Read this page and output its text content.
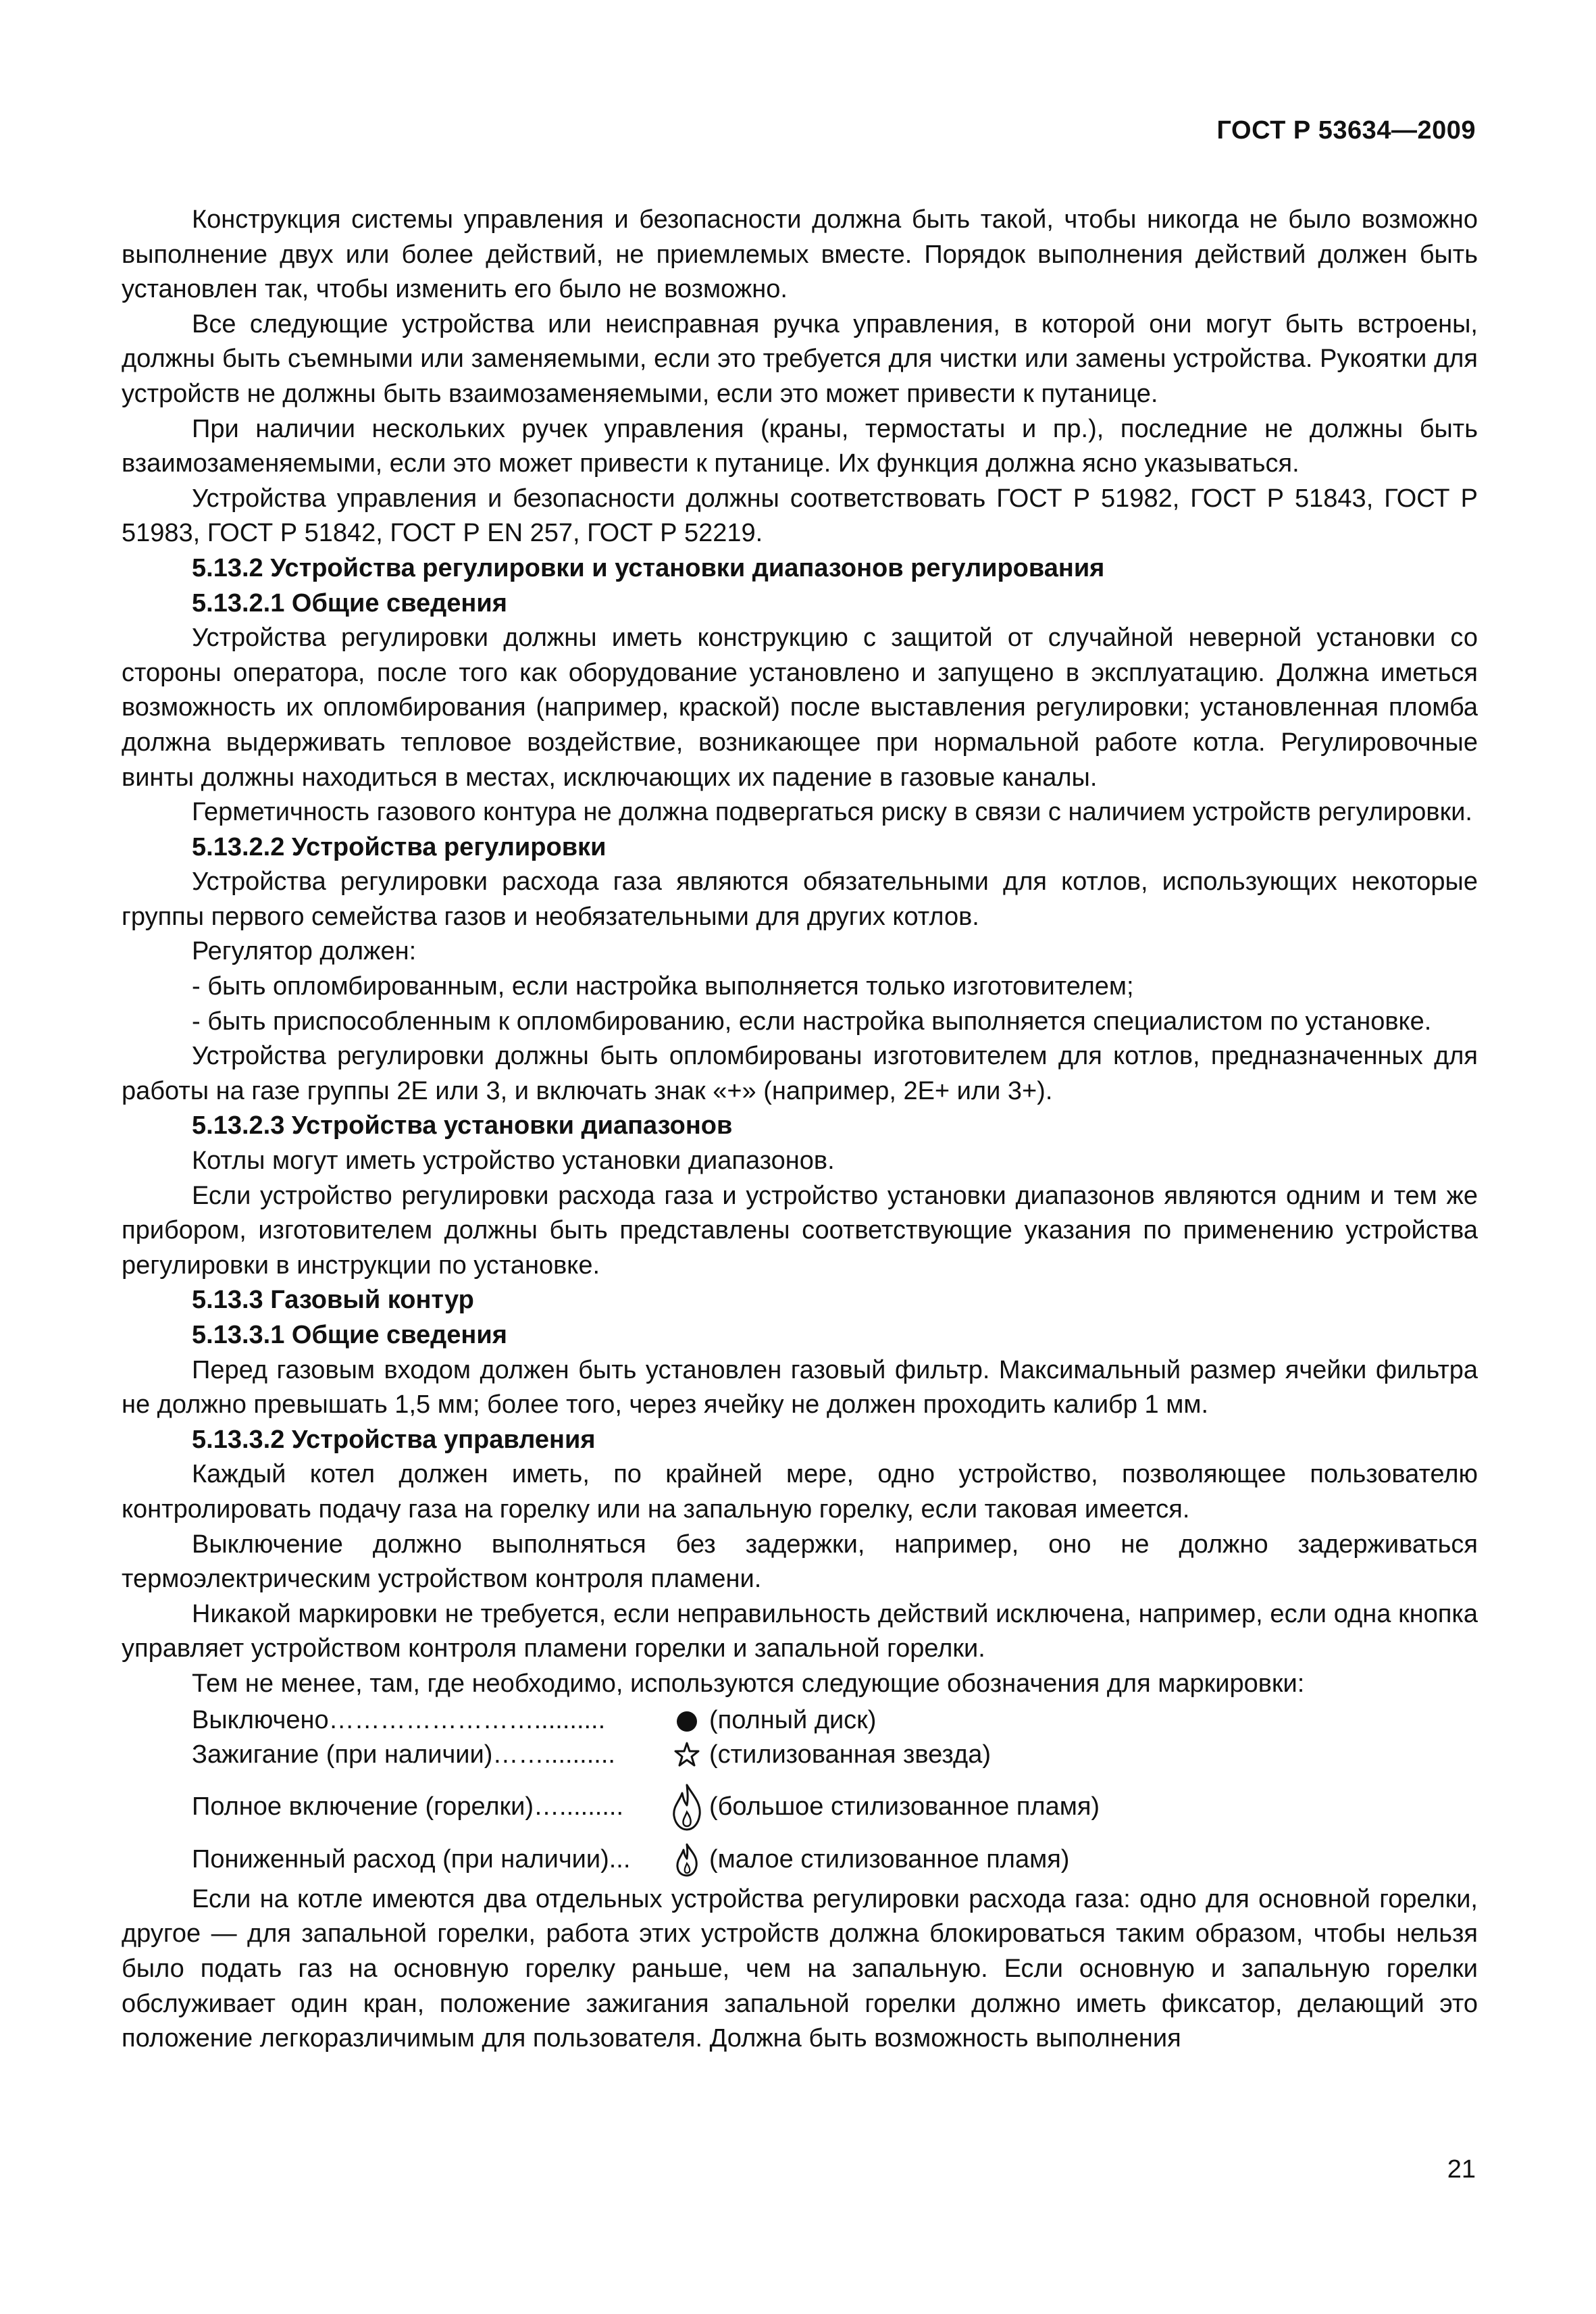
ГОСТ Р 53634—2009

Конструкция системы управления и безопасности должна быть такой, чтобы никогда не было возможно выполнение двух или более действий, не приемлемых вместе. Порядок выполнения действий должен быть установлен так, чтобы изменить его было не возможно.

Все следующие устройства или неисправная ручка управления, в которой они могут быть встроены, должны быть съемными или заменяемыми, если это требуется для чистки или замены устройства. Рукоятки для устройств не должны быть взаимозаменяемыми, если это может привести к путанице.

При наличии нескольких ручек управления (краны, термостаты и пр.), последние не должны быть взаимозаменяемыми, если это может привести к путанице. Их функция должна ясно указываться.

Устройства управления и безопасности должны соответствовать ГОСТ Р 51982, ГОСТ Р 51843, ГОСТ Р 51983, ГОСТ Р 51842, ГОСТ Р EN 257, ГОСТ Р 52219.

5.13.2 Устройства регулировки и установки диапазонов регулирования

5.13.2.1 Общие сведения

Устройства регулировки должны иметь конструкцию с защитой от случайной неверной установки со стороны оператора, после того как оборудование установлено и запущено в эксплуатацию. Должна иметься возможность их опломбирования (например, краской) после выставления регулировки; установленная пломба должна выдерживать тепловое воздействие, возникающее при нормальной работе котла. Регулировочные винты должны находиться в местах, исключающих их падение в газовые каналы.

Герметичность газового контура не должна подвергаться риску в связи с наличием устройств регулировки.

5.13.2.2 Устройства регулировки

Устройства регулировки расхода газа являются обязательными для котлов, использующих некоторые группы первого семейства газов и необязательными для других котлов.

Регулятор должен:

- быть опломбированным, если настройка выполняется только изготовителем;

- быть приспособленным к опломбированию, если настройка выполняется специалистом по установке.

Устройства регулировки должны быть опломбированы изготовителем для котлов, предназначенных для работы на газе группы 2Е или 3, и включать знак «+» (например, 2Е+ или 3+).

5.13.2.3 Устройства установки диапазонов

Котлы могут иметь устройство установки диапазонов.

Если устройство регулировки расхода газа и устройство установки диапазонов являются одним и тем же прибором, изготовителем должны быть представлены соответствующие указания по применению устройства регулировки в инструкции по установке.

5.13.3 Газовый контур

5.13.3.1 Общие сведения

Перед газовым входом должен быть установлен газовый фильтр. Максимальный размер ячейки фильтра не должно превышать 1,5 мм; более того, через ячейку не должен проходить калибр 1 мм.

5.13.3.2 Устройства управления

Каждый котел должен иметь, по крайней мере, одно устройство, позволяющее пользователю контролировать подачу газа на горелку или на запальную горелку, если таковая имеется.

Выключение должно выполняться без задержки, например, оно не должно задерживаться термоэлектрическим устройством контроля пламени.

Никакой маркировки не требуется, если неправильность действий исключена, например, если одна кнопка управляет устройством контроля пламени горелки и запальной горелки.

Тем не менее, там, где необходимо, используются следующие обозначения для маркировки:

Выключено……………………..........	(полный диск)
Зажигание (при наличии)……..........	(стилизованная звезда)
Полное включение (горелки)….........	(большое стилизованное пламя)
Пониженный расход (при наличии)...	(малое стилизованное пламя)

Если на котле имеются два отдельных устройства регулировки расхода газа: одно для основной горелки, другое — для запальной горелки, работа этих устройств должна блокироваться таким образом, чтобы нельзя было подать газ на основную горелку раньше, чем на запальную. Если основную и запальную горелки обслуживает один кран, положение зажигания запальной горелки должно иметь фиксатор, делающий это положение легкоразличимым для пользователя. Должна быть возможность выполнения

21
